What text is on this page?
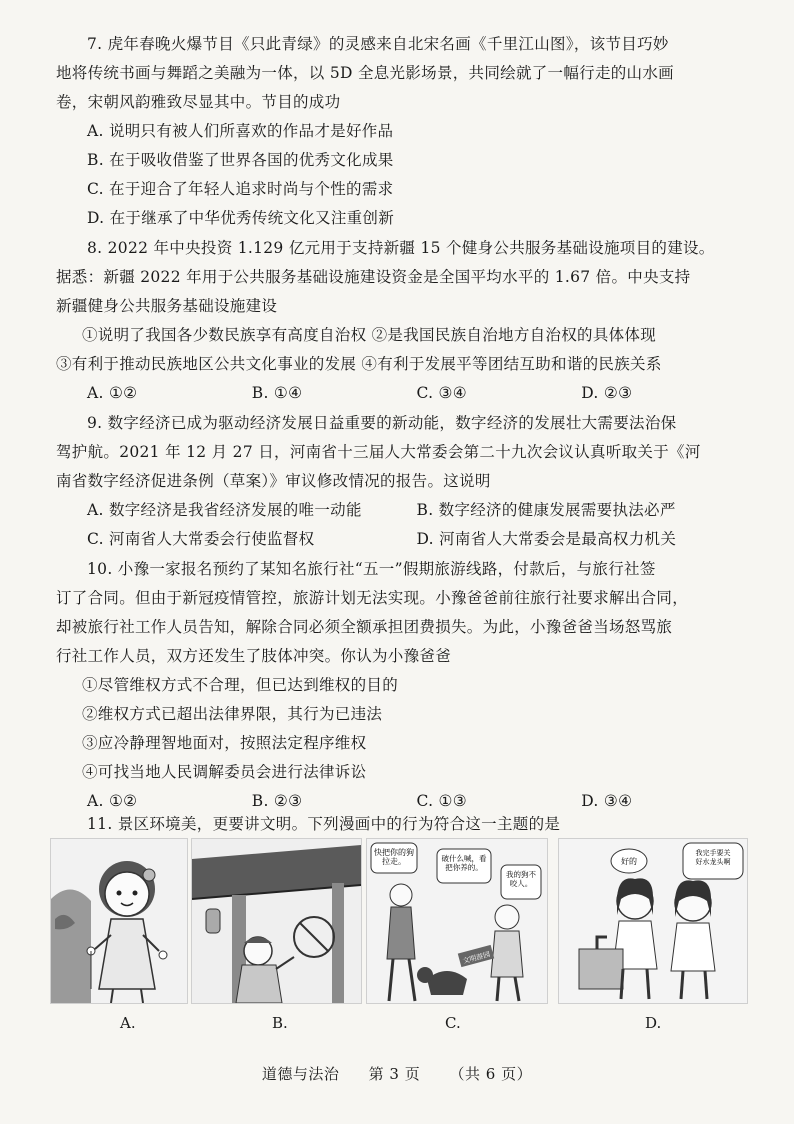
7. 虎年春晚火爆节目《只此青绿》的灵感来自北宋名画《千里江山图》，该节目巧妙

地将传统书画与舞蹈之美融为一体，以 5D 全息光影场景，共同绘就了一幅行走的山水画

卷，宋朝风韵雅致尽显其中。节目的成功

A. 说明只有被人们所喜欢的作品才是好作品

B. 在于吸收借鉴了世界各国的优秀文化成果

C. 在于迎合了年轻人追求时尚与个性的需求

D. 在于继承了中华优秀传统文化又注重创新

8. 2022 年中央投资 1.129 亿元用于支持新疆 15 个健身公共服务基础设施项目的建设。

据悉：新疆 2022 年用于公共服务基础设施建设资金是全国平均水平的 1.67 倍。中央支持

新疆健身公共服务基础设施建设

①说明了我国各少数民族享有高度自治权 ②是我国民族自治地方自治权的具体体现

③有利于推动民族地区公共文化事业的发展 ④有利于发展平等团结互助和谐的民族关系

A. ①②	B. ①④	C. ③④	D. ②③

9. 数字经济已成为驱动经济发展日益重要的新动能，数字经济的发展壮大需要法治保

驾护航。2021 年 12 月 27 日，河南省十三届人大常委会第二十九次会议认真听取关于《河

南省数字经济促进条例（草案）》审议修改情况的报告。这说明

A. 数字经济是我省经济发展的唯一动能	B. 数字经济的健康发展需要执法必严
C. 河南省人大常委会行使监督权	D. 河南省人大常委会是最高权力机关

10. 小豫一家报名预约了某知名旅行社“五一”假期旅游线路，付款后，与旅行社签

订了合同。但由于新冠疫情管控，旅游计划无法实现。小豫爸爸前往旅行社要求解出合同，

却被旅行社工作人员告知，解除合同必须全额承担团费损失。为此，小豫爸爸当场怒骂旅

行社工作人员，双方还发生了肢体冲突。你认为小豫爸爸

①尽管维权方式不合理，但已达到维权的目的

②维权方式已超出法律界限，其行为已违法

③应冷静理智地面对，按照法定程序维权

④可找当地人民调解委员会进行法律诉讼

A. ①②	B. ②③	C. ①③	D. ③④

11. 景区环境美，更要讲文明。下列漫画中的行为符合这一主题的是

快把你的狗拉走。	破什么喊，看把你养的。
我的狗不咬人。
文明游园
好的
我完手要关好水龙头啊
A.	B.	C.	D.
道德与法治 第 3 页 （共 6 页）
